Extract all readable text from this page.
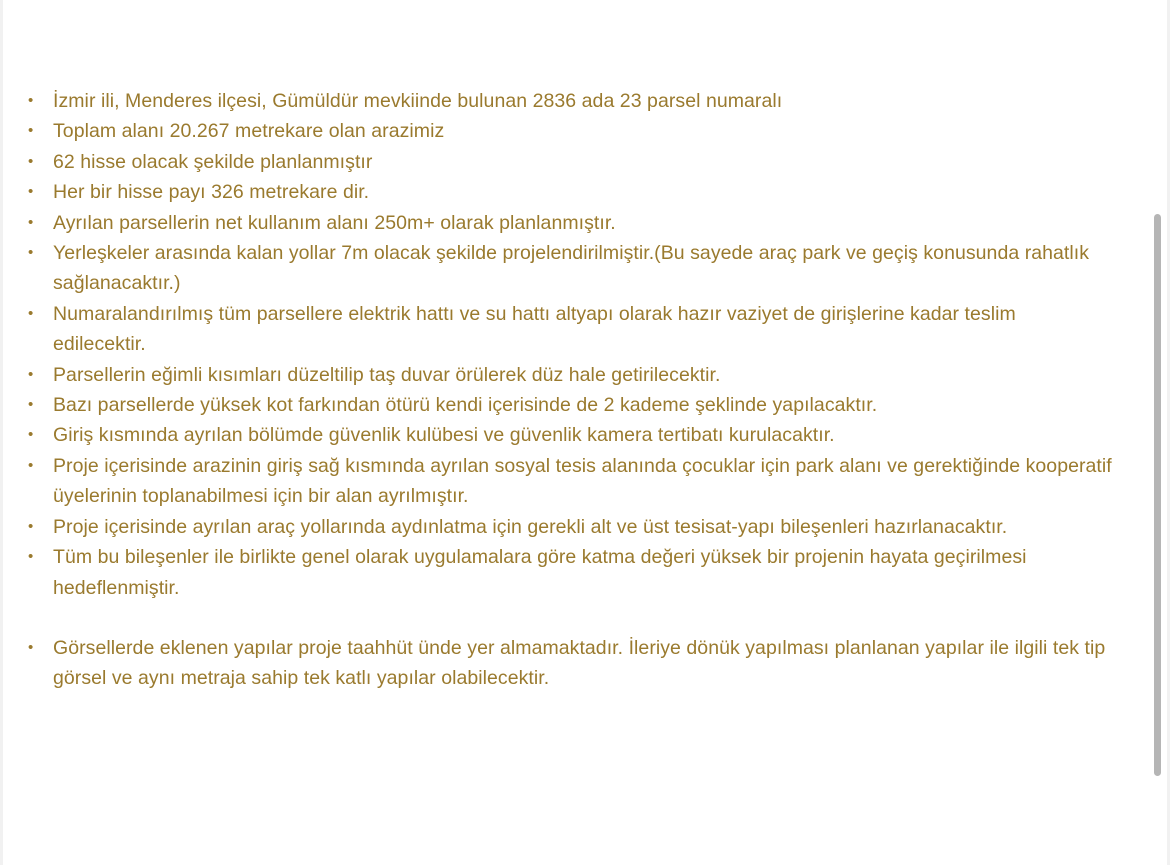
• İzmir ili, Menderes ilçesi, Gümüldür mevkiinde bulunan 2836 ada 23 parsel numaralı
• Toplam alanı 20.267 metrekare olan arazimiz
• 62 hisse olacak şekilde planlanmıştır
• Her bir hisse payı 326 metrekare dir.
• Ayrılan parsellerin net kullanım alanı 250m+ olarak planlanmıştır.
• Yerleşkeler arasında kalan yollar 7m olacak şekilde projelendirilmiştir.(Bu sayede araç park ve geçiş konusunda rahatlık sağlanacaktır.)
• Numaralandırılmış tüm parsellere elektrik hattı ve su hattı altyapı olarak hazır vaziyet de girişlerine kadar teslim edilecektir.
• Parsellerin eğimli kısımları düzeltilip taş duvar örülerek düz hale getirilecektir.
• Bazı parsellerde yüksek kot farkından ötürü kendi içerisinde de 2 kademe şeklinde yapılacaktır.
• Giriş kısmında ayrılan bölümde güvenlik kulübesi ve güvenlik kamera tertibatı kurulacaktır.
• Proje içerisinde arazinin giriş sağ kısmında ayrılan sosyal tesis alanında çocuklar için park alanı ve gerektiğinde kooperatif üyelerinin toplanabilmesi için bir alan ayrılmıştır.
• Proje içerisinde ayrılan araç yollarında aydınlatma için gerekli alt ve üst tesisat-yapı bileşenleri hazırlanacaktır.
• Tüm bu bileşenler ile birlikte genel olarak uygulamalara göre katma değeri yüksek bir projenin hayata geçirilmesi hedeflenmiştir.
• Görsellerde eklenen yapılar proje taahhüt ünde yer almamaktadır. İleriye dönük yapılması planlanan yapılar ile ilgili tek tip görsel ve aynı metraja sahip tek katlı yapılar olabilecektir.
